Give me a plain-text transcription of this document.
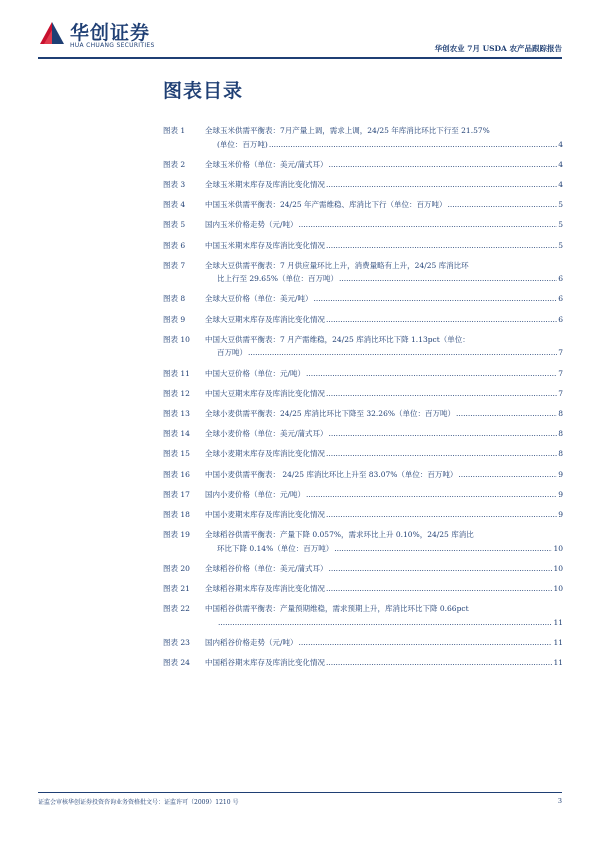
华创证券
HUA CHUANG SECURITIES	华创农业 7月 USDA 农产品跟踪报告
图表目录
图表 1	全球玉米供需平衡表：7月产量上调，需求上调，24/25 年库消比环比下行至 21.57%
(单位：百万吨) .....	4
图表 2	全球玉米价格（单位：美元/蒲式耳） .....	4
图表 3	全球玉米期末库存及库消比变化情况 .....	4
图表 4	中国玉米供需平衡表：24/25 年产需维稳、库消比下行（单位：百万吨） .....	5
图表 5	国内玉米价格走势（元/吨） .....	5
图表 6	中国玉米期末库存及库消比变化情况 .....	5
图表 7	全球大豆供需平衡表：7 月供应量环比上升，消费量略有上升，24/25 库消比环
比上行至 29.65%（单位：百万吨） .....	6
图表 8	全球大豆价格（单位：美元/吨） .....	6
图表 9	全球大豆期末库存及库消比变化情况 .....	6
图表 10	中国大豆供需平衡表：7 月产需维稳，24/25 库消比环比下降 1.13pct（单位：
百万吨） .....	7
图表 11	中国大豆价格（单位：元/吨） .....	7
图表 12	中国大豆期末库存及库消比变化情况 .....	7
图表 13	全球小麦供需平衡表：24/25 库消比环比下降至 32.26%（单位：百万吨） .....	8
图表 14	全球小麦价格（单位：美元/蒲式耳） .....	8
图表 15	全球小麦期末库存及库消比变化情况 .....	8
图表 16	中国小麦供需平衡表： 24/25 库消比环比上升至 83.07%（单位：百万吨） .....	9
图表 17	国内小麦价格（单位：元/吨） .....	9
图表 18	中国小麦期末库存及库消比变化情况 .....	9
图表 19	全球稻谷供需平衡表：产量下降 0.057%，需求环比上升 0.10%，24/25 库消比
环比下降 0.14%（单位：百万吨） .....	10
图表 20	全球稻谷价格（单位：美元/蒲式耳） .....	10
图表 21	全球稻谷期末库存及库消比变化情况 .....	10
图表 22	中国稻谷供需平衡表：产量预期维稳，需求预期上升，库消比环比下降 0.66pct
.....
11
图表 23	国内稻谷价格走势（元/吨） .....	11
图表 24	中国稻谷期末库存及库消比变化情况 .....	11
证监会审核华创证券投资咨询业务资格批文号：证监许可（2009）1210 号	3
